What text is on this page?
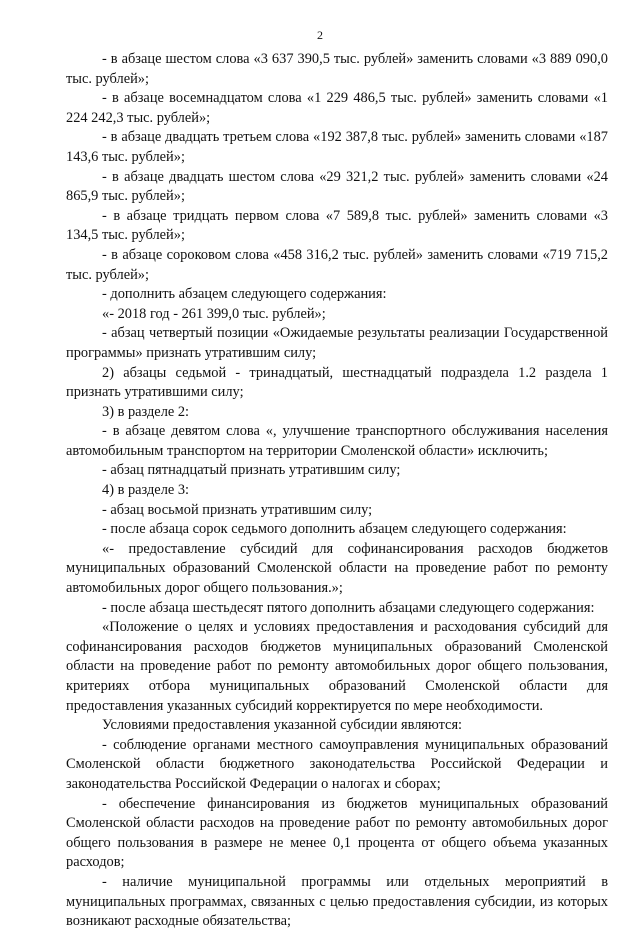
2

- в абзаце шестом слова «3 637 390,5 тыс. рублей» заменить словами «3 889 090,0 тыс. рублей»;

- в абзаце восемнадцатом слова «1 229 486,5 тыс. рублей» заменить словами «1 224 242,3 тыс. рублей»;

- в абзаце двадцать третьем слова «192 387,8 тыс. рублей» заменить словами «187 143,6 тыс. рублей»;

- в абзаце двадцать шестом слова «29 321,2 тыс. рублей» заменить словами «24 865,9 тыс. рублей»;

- в абзаце тридцать первом слова «7 589,8 тыс. рублей» заменить словами «3 134,5 тыс. рублей»;

- в абзаце сороковом слова «458 316,2 тыс. рублей» заменить словами «719 715,2 тыс. рублей»;

- дополнить абзацем следующего содержания:

«- 2018 год - 261 399,0 тыс. рублей»;

- абзац четвертый позиции «Ожидаемые результаты реализации Государственной программы» признать утратившим силу;

2) абзацы седьмой - тринадцатый, шестнадцатый подраздела 1.2 раздела 1 признать утратившими силу;

3) в разделе 2:

- в абзаце девятом слова «, улучшение транспортного обслуживания населения автомобильным транспортом на территории Смоленской области» исключить;

- абзац пятнадцатый признать утратившим силу;

4) в разделе 3:

- абзац восьмой признать утратившим силу;

- после абзаца сорок седьмого дополнить абзацем следующего содержания:

«- предоставление субсидий для софинансирования расходов бюджетов муниципальных образований Смоленской области на проведение работ по ремонту автомобильных дорог общего пользования.»;

- после абзаца шестьдесят пятого дополнить абзацами следующего содержания:

«Положение о целях и условиях предоставления и расходования субсидий для софинансирования расходов бюджетов муниципальных образований Смоленской области на проведение работ по ремонту автомобильных дорог общего пользования, критериях отбора муниципальных образований Смоленской области для предоставления указанных субсидий корректируется по мере необходимости.

Условиями предоставления указанной субсидии являются:

- соблюдение органами местного самоуправления муниципальных образований Смоленской области бюджетного законодательства Российской Федерации и законодательства Российской Федерации о налогах и сборах;

- обеспечение финансирования из бюджетов муниципальных образований Смоленской области расходов на проведение работ по ремонту автомобильных дорог общего пользования в размере не менее 0,1 процента от общего объема указанных расходов;

- наличие муниципальной программы или отдельных мероприятий в муниципальных программах, связанных с целью предоставления субсидии, из которых возникают расходные обязательства;
